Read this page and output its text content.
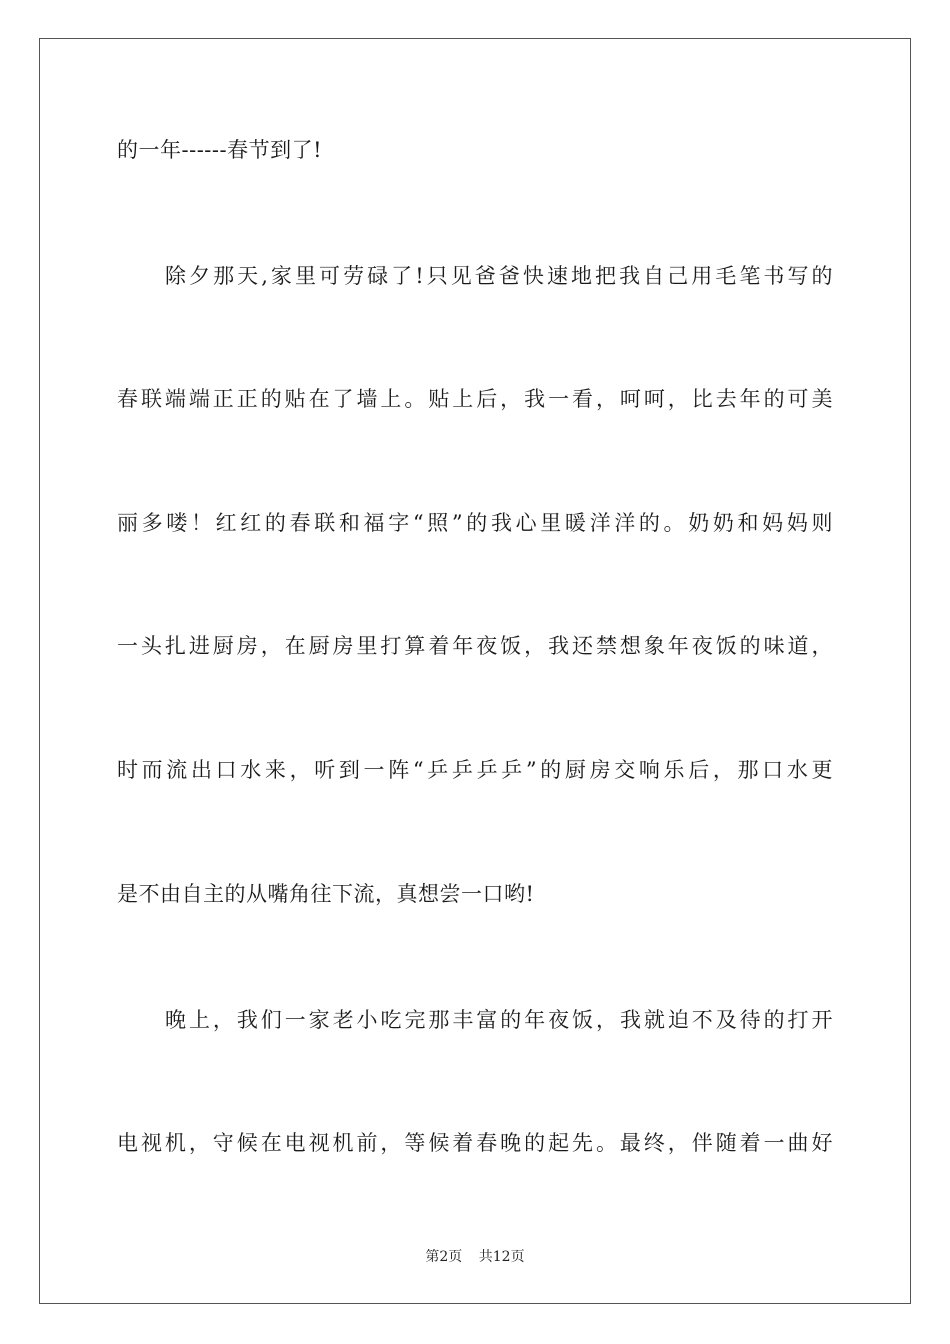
的一年------春节到了!
除夕那天,家里可劳碌了!只见爸爸快速地把我自己用毛笔书写的
春联端端正正的贴在了墙上。贴上后，我一看，呵呵，比去年的可美
丽多喽！红红的春联和福字“照”的我心里暖洋洋的。奶奶和妈妈则
一头扎进厨房，在厨房里打算着年夜饭，我还禁想象年夜饭的味道，
时而流出口水来，听到一阵“乒乒乒乒”的厨房交响乐后，那口水更
是不由自主的从嘴角往下流，真想尝一口哟!
晚上，我们一家老小吃完那丰富的年夜饭，我就迫不及待的打开
电视机，守候在电视机前，等候着春晚的起先。最终，伴随着一曲好
第2页 共12页
